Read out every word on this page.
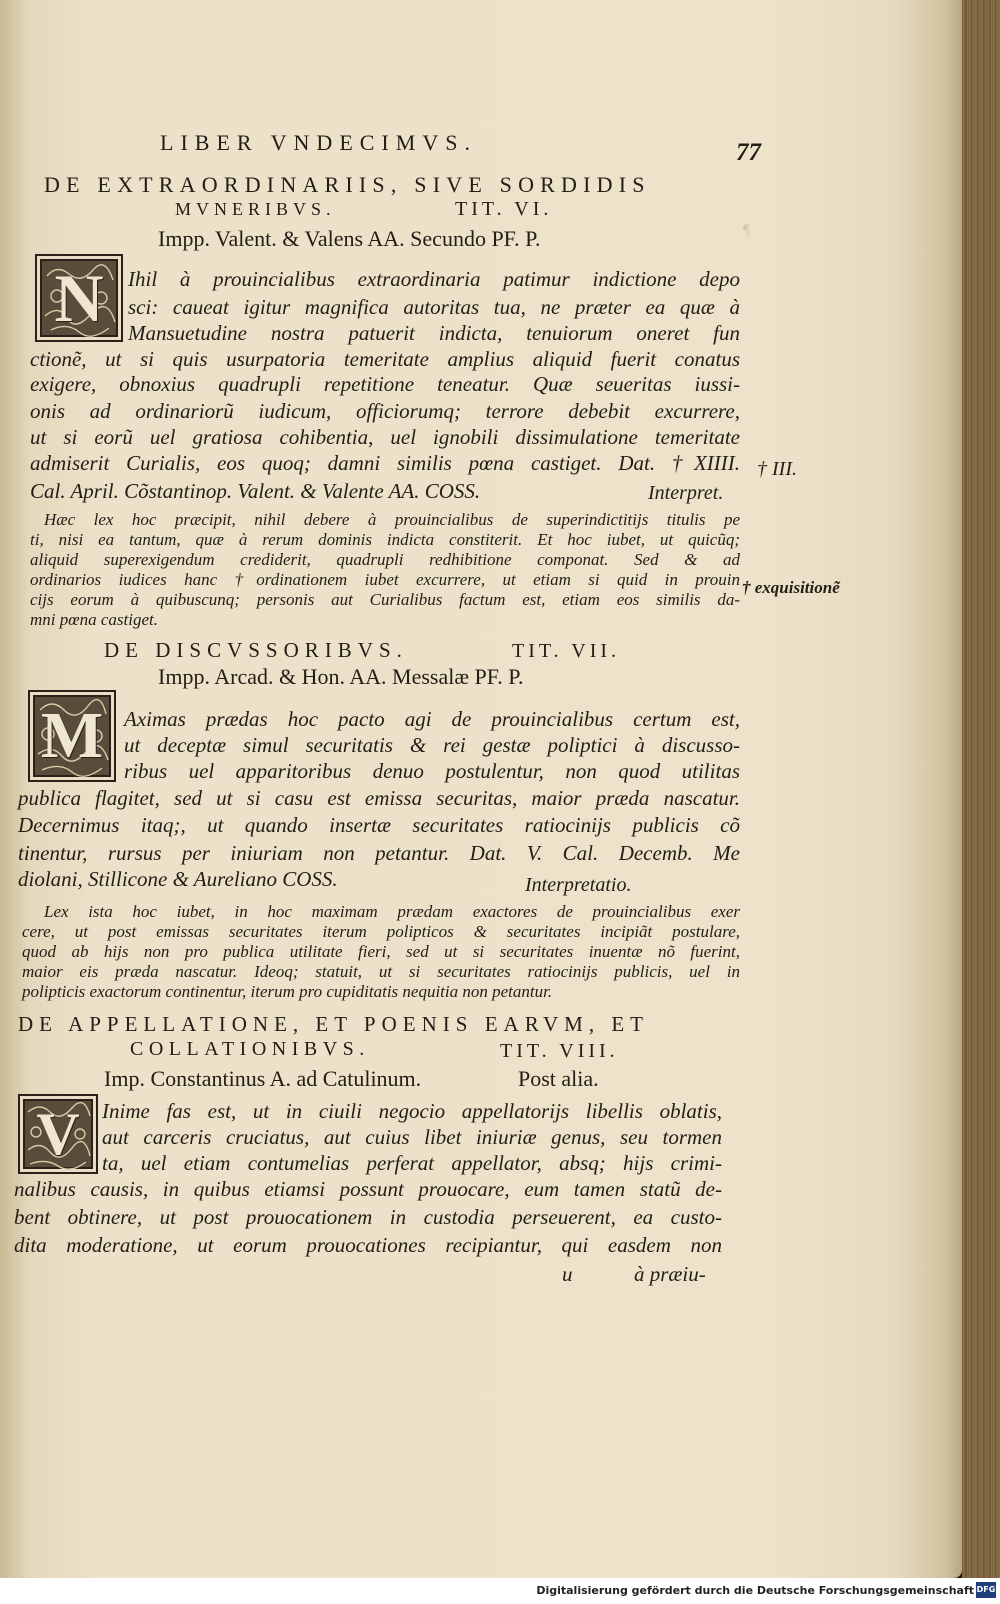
¶
LIBER VNDECIMVS.	77
DE EXTRAORDINARIIS, SIVE SORDIDIS
MVNERIBVS.	TIT. VI.
Impp. Valent. & Valens AA. Secundo PF. P.
N	Ihil à prouincialibus extraordinaria patimur indictione depo
sci: caueat igitur magnifica autoritas tua, ne præter ea quæ à
Mansuetudine nostra patuerit indicta, tenuiorum oneret fun
ctionẽ, ut si quis usurpatoria temeritate amplius aliquid fuerit conatus
exigere, obnoxius quadrupli repetitione teneatur. Quæ seueritas iussi-
onis ad ordinariorũ iudicum, officiorumq; terrore debebit excurrere,
ut si eorũ uel gratiosa cohibentia, uel ignobili dissimulatione temeritate
admiserit Curialis, eos quoq; damni similis pœna castiget. Dat. †XIIII.
Cal. April. Cõstantinop. Valent. & Valente AA. COSS.	Interpret.
† III.
Hæc lex hoc præcipit, nihil debere à prouincialibus de superindictitijs titulis pe
ti, nisi ea tantum, quæ à rerum dominis indicta constiterit. Et hoc iubet, ut quicũq;
aliquid superexigendum crediderit, quadrupli redhibitione componat. Sed & ad
ordinarios iudices hanc †ordinationem iubet excurrere, ut etiam si quid in prouin
cijs eorum à quibuscunq; personis aut Curialibus factum est, etiam eos similis da-
mni pœna castiget.
† exquisitionẽ
DE DISCVSSORIBVS.	TIT. VII.
Impp. Arcad. & Hon. AA. Messalæ PF. P.
M Aximas prædas hoc pacto agi de prouincialibus certum est,
ut deceptæ simul securitatis & rei gestæ poliptici à discusso-
ribus uel apparitoribus denuo postulentur, non quod utilitas
publica flagitet, sed ut si casu est emissa securitas, maior præda nascatur.
Decernimus itaq;, ut quando insertæ securitates ratiocinijs publicis cõ
tinentur, rursus per iniuriam non petantur. Dat. V. Cal. Decemb. Me
diolani, Stillicone & Aureliano COSS.	Interpretatio.
Lex ista hoc iubet, in hoc maximam prædam exactores de prouincialibus exer
cere, ut post emissas securitates iterum polipticos & securitates incipiãt postulare,
quod ab hijs non pro publica utilitate fieri, sed ut si securitates inuentæ nõ fuerint,
maior eis præda nascatur. Ideoq; statuit, ut si securitates ratiocinijs publicis, uel in
polipticis exactorum continentur, iterum pro cupiditatis nequitia non petantur.
DE APPELLATIONE, ET POENIS EARVM, ET
COLLATIONIBVS.	TIT. VIII.
Imp. Constantinus A. ad Catulinum.	Post alia.
V	Inime fas est, ut in ciuili negocio appellatorijs libellis oblatis,
aut carceris cruciatus, aut cuius libet iniuriæ genus, seu tormen
ta, uel etiam contumelias perferat appellator, absq; hijs crimi-
nalibus causis, in quibus etiamsi possunt prouocare, eum tamen statũ de-
bent obtinere, ut post prouocationem in custodia perseuerent, ea custo-
dita moderatione, ut eorum prouocationes recipiantur, qui easdem non
u	à præiu-
Digitalisierung gefördert durch die Deutsche Forschungsgemeinschaft DFG
